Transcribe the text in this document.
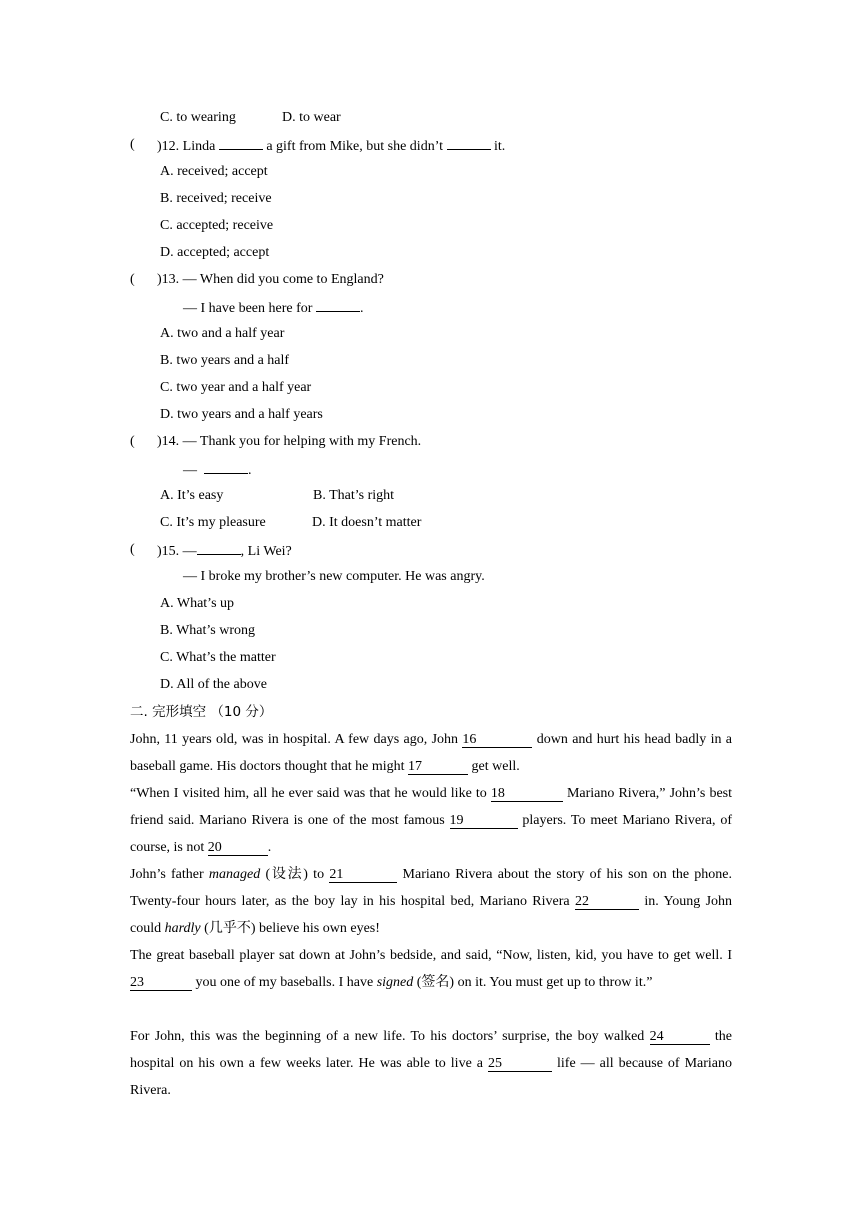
C. to wearing	D. to wear
( )12. Linda	a gift from Mike, but she didn’t	it.
A. received; accept
B. received; receive
C. accepted; receive
D. accepted; accept
( )13. — When did you come to England?
— I have been here for	.
A. two and a half year
B. two years and a half
C. two year and a half year
D. two years and a half years
( )14. — Thank you for helping with my French.
—	.
A. It’s easy	B. That’s right
C. It’s my pleasure	D. It doesn’t matter
( )15. —	, Li Wei?
— I broke my brother’s new computer. He was angry.
A. What’s up
B. What’s wrong
C. What’s the matter
D. All of the above
二. 完形填空 （10 分）
John, 11 years old, was in hospital. A few days ago, John 16	down and hurt his head badly in a baseball game. His doctors thought that he might 17	get well.
“When I visited him, all he ever said was that he would like to 18	Mariano Rivera,” John’s best friend said. Mariano Rivera is one of the most famous 19	players. To meet Mariano Rivera, of course, is not 20	.
John’s father managed (设法) to 21	Mariano Rivera about the story of his son on the phone. Twenty-four hours later, as the boy lay in his hospital bed, Mariano Rivera 22	in. Young John could hardly (几乎不) believe his own eyes!
The great baseball player sat down at John’s bedside, and said, “Now, listen, kid, you have to get well. I 23	you one of my baseballs. I have signed (签名) on it. You must get up to throw it.”
For John, this was the beginning of a new life. To his doctors’ surprise, the boy walked 24	the hospital on his own a few weeks later. He was able to live a 25	life — all because of Mariano Rivera.
